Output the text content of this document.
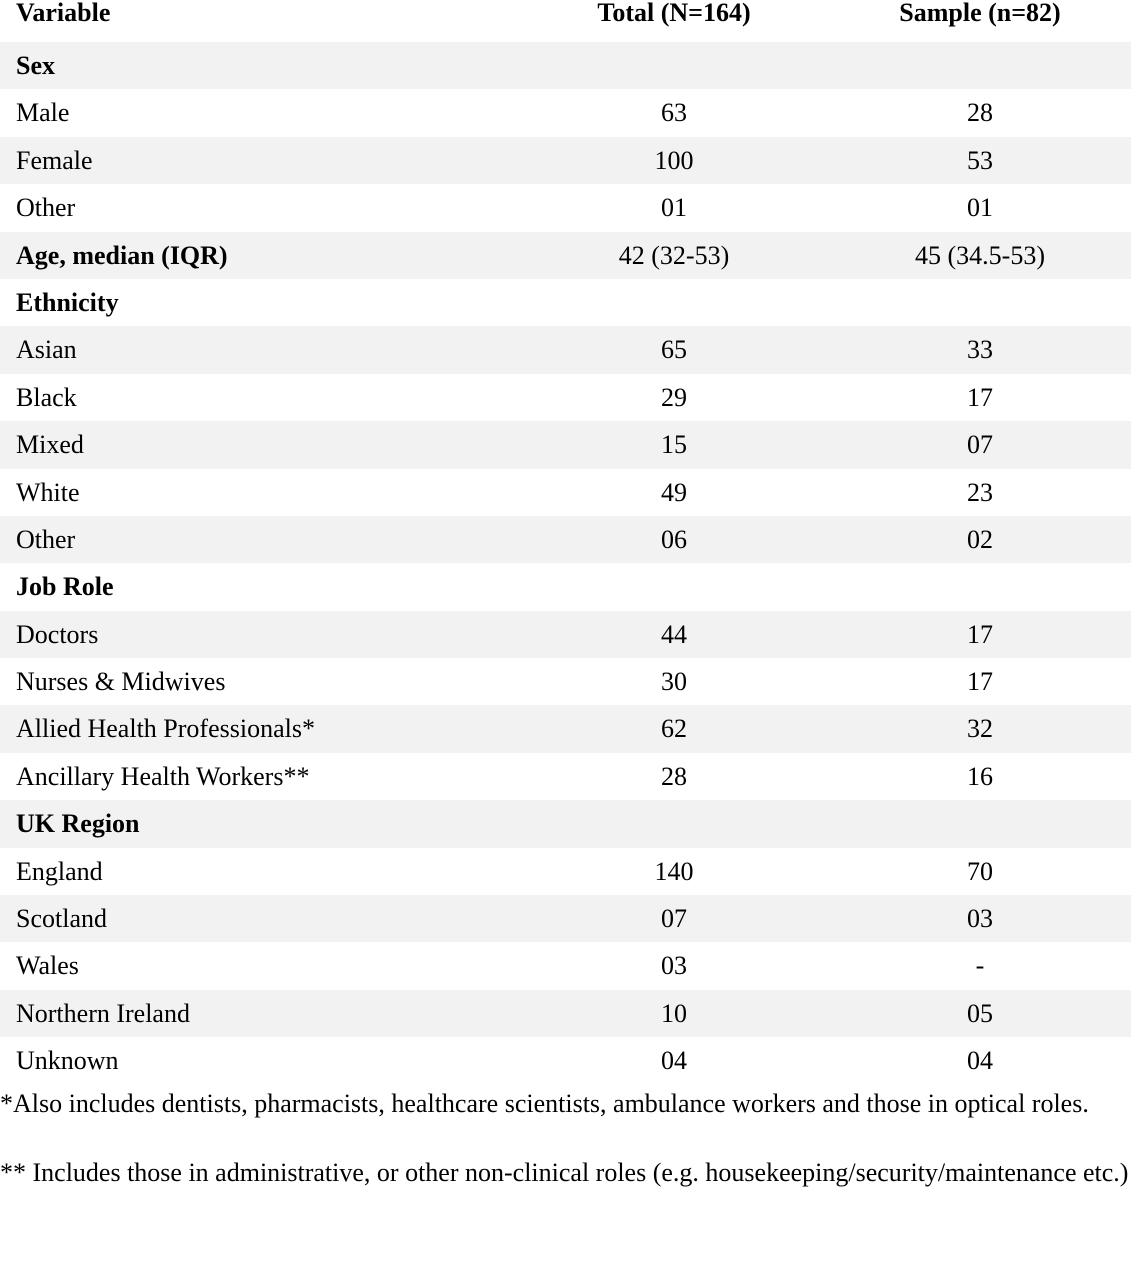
Variable	Total (N=164)	Sample (n=82)
Sex
Male	63	28
Female	100	53
Other	01	01
Age, median (IQR)	42 (32-53)	45 (34.5-53)
Ethnicity
Asian	65	33
Black	29	17
Mixed	15	07
White	49	23
Other	06	02
Job Role
Doctors	44	17
Nurses & Midwives	30	17
Allied Health Professionals*	62	32
Ancillary Health Workers**	28	16
UK Region
England	140	70
Scotland	07	03
Wales	03	-
Northern Ireland	10	05
Unknown	04	04

*Also includes dentists, pharmacists, healthcare scientists, ambulance workers and those in optical roles.

** Includes those in administrative, or other non-clinical roles (e.g. housekeeping/security/maintenance etc.)
